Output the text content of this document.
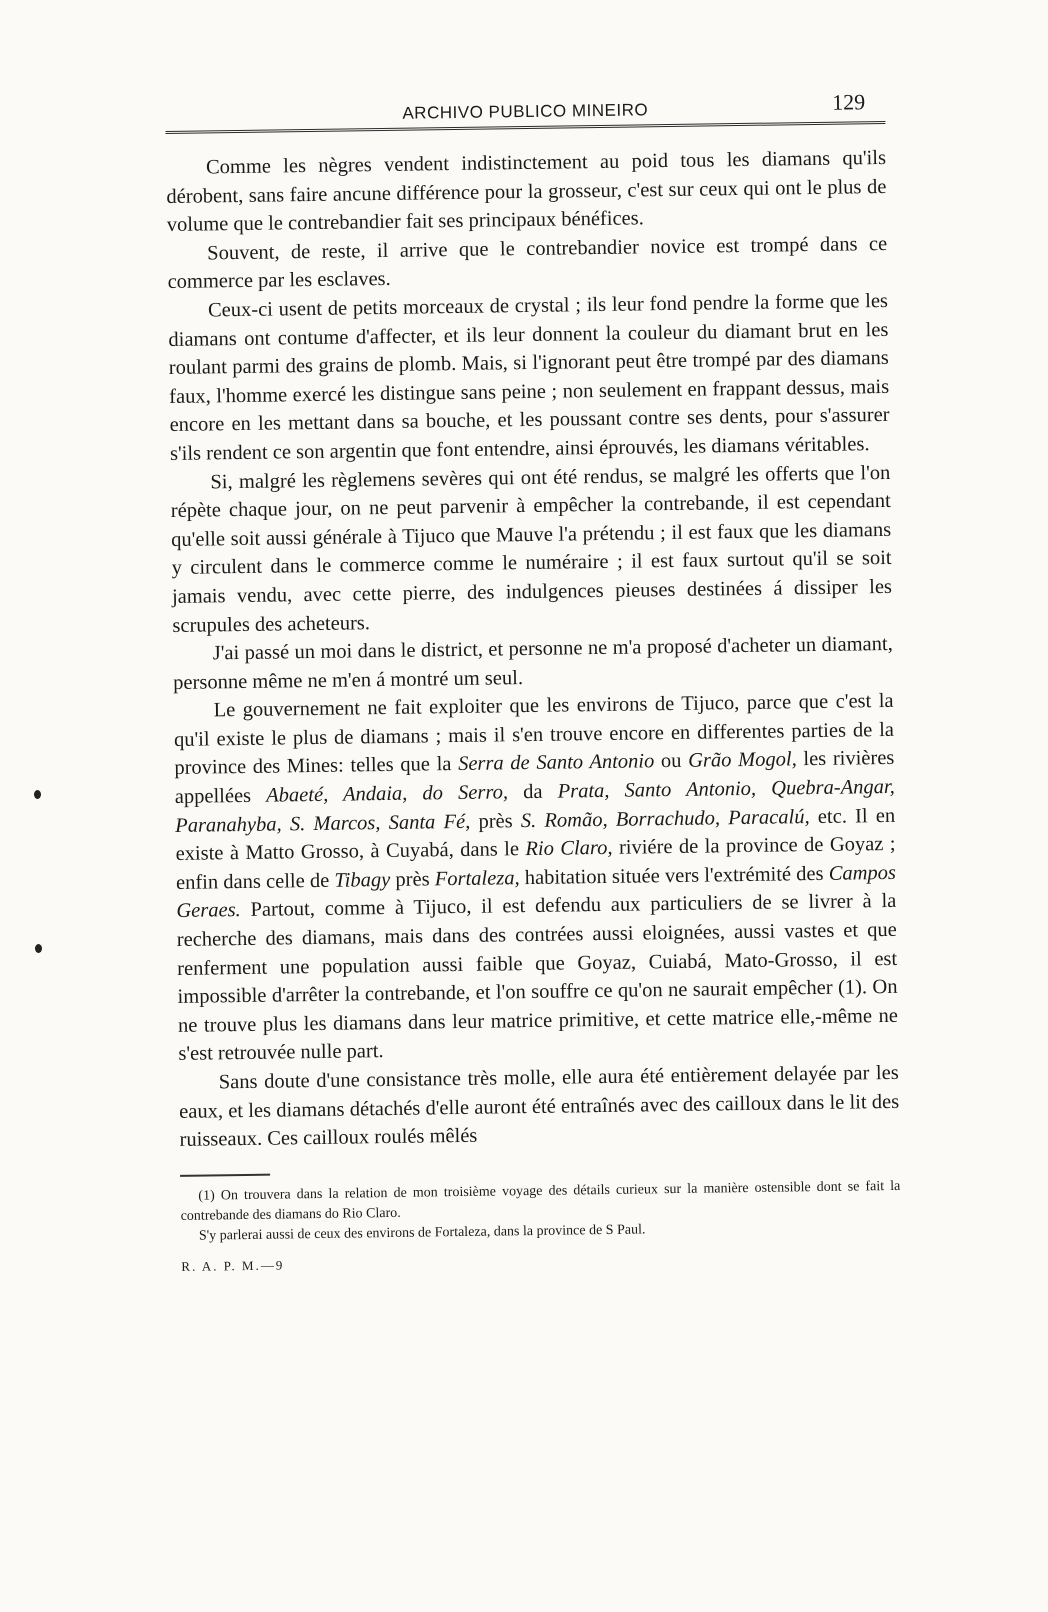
ARCHIVO PUBLICO MINEIRO	129

Comme les nègres vendent indistinctement au poid tous les diamans qu'ils dérobent, sans faire ancune différence pour la grosseur, c'est sur ceux qui ont le plus de volume que le contrebandier fait ses principaux bénéfices.

Souvent, de reste, il arrive que le contrebandier novice est trompé dans ce commerce par les esclaves.

Ceux-ci usent de petits morceaux de crystal ; ils leur fond pendre la forme que les diamans ont contume d'affecter, et ils leur donnent la couleur du diamant brut en les roulant parmi des grains de plomb. Mais, si l'ignorant peut être trompé par des diamans faux, l'homme exercé les distingue sans peine ; non seulement en frappant dessus, mais encore en les mettant dans sa bouche, et les poussant contre ses dents, pour s'assurer s'ils rendent ce son argentin que font entendre, ainsi éprouvés, les diamans véritables.

Si, malgré les règlemens sevères qui ont été rendus, se malgré les offerts que l'on répète chaque jour, on ne peut parvenir à empêcher la contrebande, il est cependant qu'elle soit aussi générale à Tijuco que Mauve l'a prétendu ; il est faux que les diamans y circulent dans le commerce comme le numéraire ; il est faux surtout qu'il se soit jamais vendu, avec cette pierre, des indulgences pieuses destinées á dissiper les scrupules des acheteurs.

J'ai passé un moi dans le district, et personne ne m'a proposé d'acheter un diamant, personne même ne m'en á montré um seul.

Le gouvernement ne fait exploiter que les environs de Tijuco, parce que c'est la qu'il existe le plus de diamans ; mais il s'en trouve encore en differentes parties de la province des Mines: telles que la Serra de Santo Antonio ou Grão Mogol, les rivières appellées Abaeté, Andaia, do Serro, da Prata, Santo Antonio, Quebra-Angar, Paranahyba, S. Marcos, Santa Fé, près S. Romão, Borrachudo, Paracalú, etc. Il en existe à Matto Grosso, à Cuyabá, dans le Rio Claro, riviére de la province de Goyaz ; enfin dans celle de Tibagy près Fortaleza, habitation située vers l'extrémité des Campos Geraes. Partout, comme à Tijuco, il est defendu aux particuliers de se livrer à la recherche des diamans, mais dans des contrées aussi eloignées, aussi vastes et que renferment une population aussi faible que Goyaz, Cuiabá, Mato-Grosso, il est impossible d'arrêter la contrebande, et l'on souffre ce qu'on ne saurait empêcher (1). On ne trouve plus les diamans dans leur matrice primitive, et cette matrice elle,-même ne s'est retrouvée nulle part.

Sans doute d'une consistance très molle, elle aura été entièrement delayée par les eaux, et les diamans détachés d'elle auront été entraînés avec des cailloux dans le lit des ruisseaux. Ces cailloux roulés mêlés

(1) On trouvera dans la relation de mon troisième voyage des détails curieux sur la manière ostensible dont se fait la contrebande des diamans do Rio Claro.

S'y parlerai aussi de ceux des environs de Fortaleza, dans la province de S Paul.

R. A. P. M.—9
